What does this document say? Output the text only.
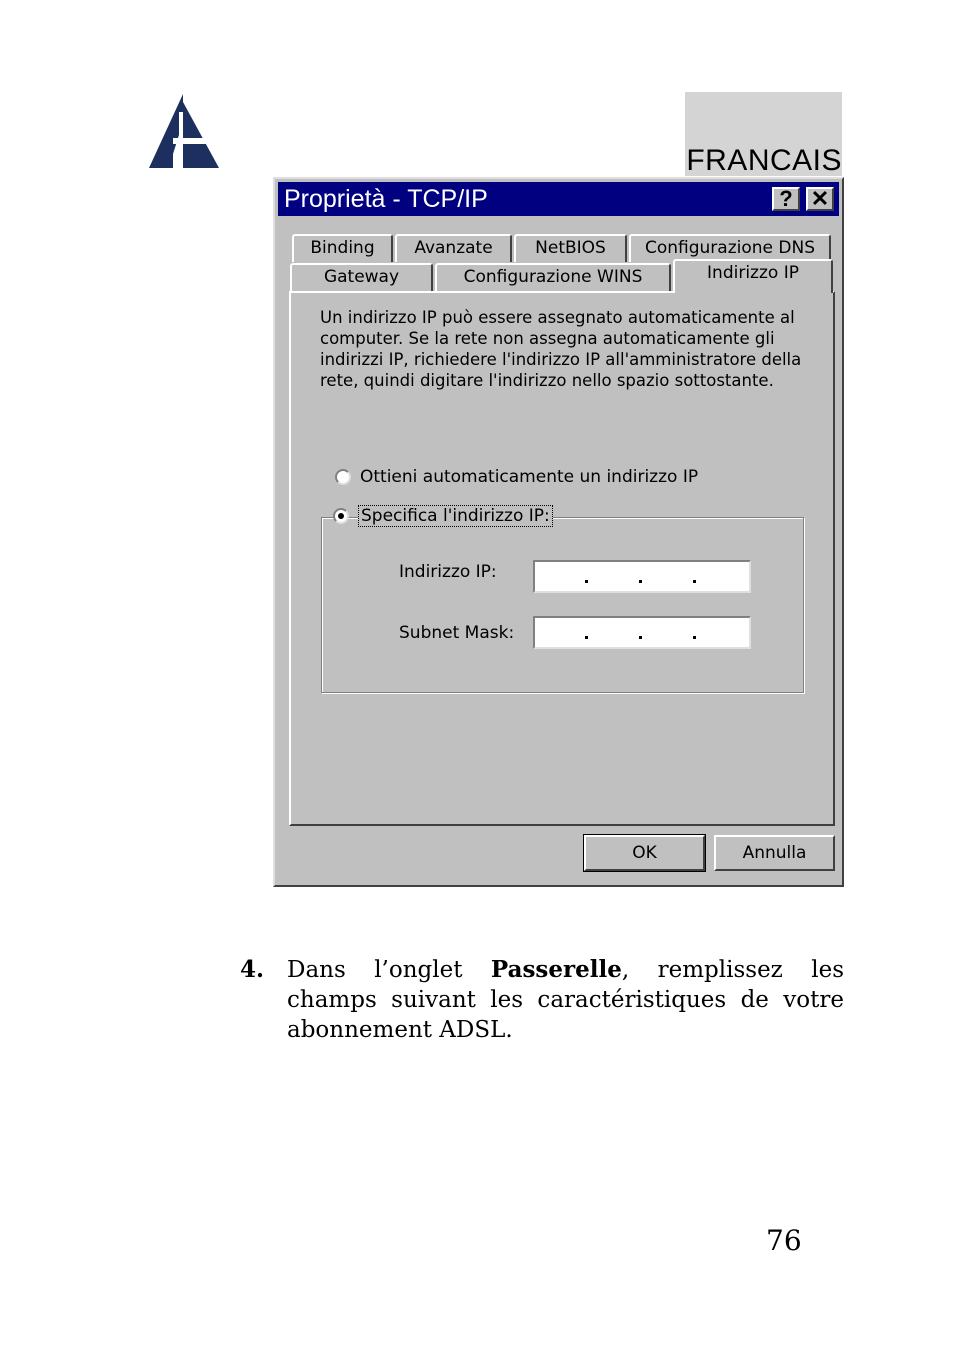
FRANCAIS
Proprietà - TCP/IP	? ✕
Binding	Avanzate	NetBIOS	Configurazione DNS
Gateway	Configurazione WINS	Indirizzo IP
Un indirizzo IP può essere assegnato automaticamente al computer. Se la rete non assegna automaticamente gli indirizzi IP, richiedere l'indirizzo IP all'amministratore della rete, quindi digitare l'indirizzo nello spazio sottostante.
Ottieni automaticamente un indirizzo IP
Indirizzo IP:
Subnet Mask:
Specifica l'indirizzo IP:
OK	Annulla
4. Dans l’onglet Passerelle, remplissez les champs suivant les caractéristiques de votre abonnement ADSL.
76
